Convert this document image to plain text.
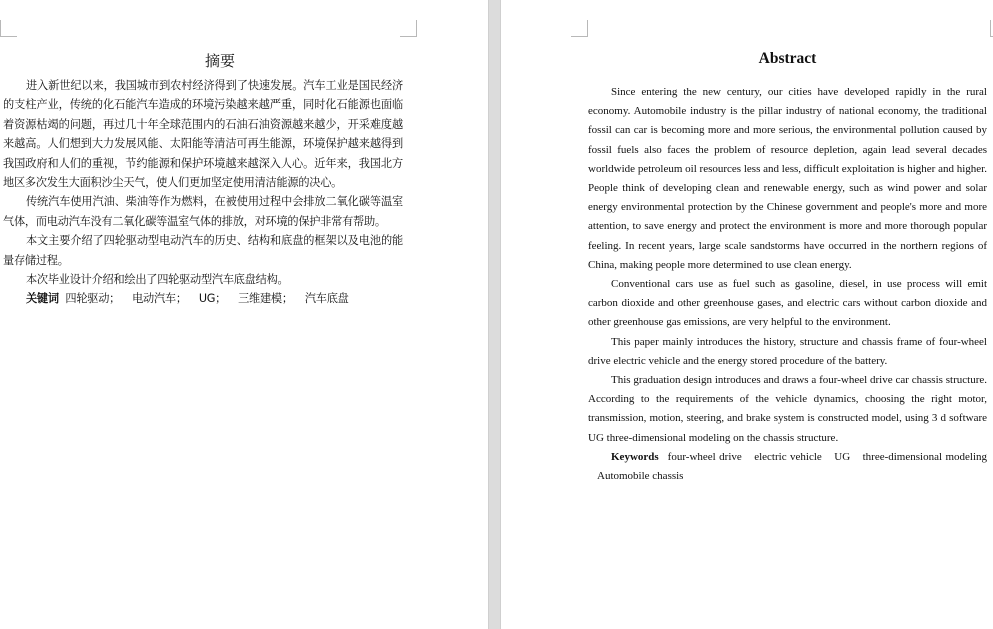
摘要

进入新世纪以来，我国城市到农村经济得到了快速发展。汽车工业是国民经济的支柱产业，传统的化石能汽车造成的环境污染越来越严重，同时化石能源也面临着资源枯竭的问题，再过几十年全球范围内的石油石油资源越来越少，开采难度越来越高。人们想到大力发展风能、太阳能等清洁可再生能源，环境保护越来越得到我国政府和人们的重视，节约能源和保护环境越来越深入人心。近年来，我国北方地区多次发生大面积沙尘天气，使人们更加坚定使用清洁能源的决心。

传统汽车使用汽油、柴油等作为燃料，在被使用过程中会排放二氧化碳等温室气体，而电动汽车没有二氧化碳等温室气体的排放，对环境的保护非常有帮助。

本文主要介绍了四轮驱动型电动汽车的历史、结构和底盘的框架以及电池的能量存储过程。

本次毕业设计介绍和绘出了四轮驱动型汽车底盘结构。

关键词 四轮驱动； 电动汽车； UG； 三维建模； 汽车底盘

Abstract

Since entering the new century, our cities have developed rapidly in the rural economy. Automobile industry is the pillar industry of national economy, the traditional fossil can car is becoming more and more serious, the environmental pollution caused by fossil fuels also faces the problem of resource depletion, again lead several decades worldwide petroleum oil resources less and less, difficult exploitation is higher and higher. People think of developing clean and renewable energy, such as wind power and solar energy environmental protection by the Chinese government and people's more and more attention, to save energy and protect the environment is more and more thorough popular feeling. In recent years, large scale sandstorms have occurred in the northern regions of China, making people more determined to use clean energy.

Conventional cars use as fuel such as gasoline, diesel, in use process will emit carbon dioxide and other greenhouse gases, and electric cars without carbon dioxide and other greenhouse gas emissions, are very helpful to the environment.

This paper mainly introduces the history, structure and chassis frame of four-wheel drive electric vehicle and the energy stored procedure of the battery.

This graduation design introduces and draws a four-wheel drive car chassis structure. According to the requirements of the vehicle dynamics, choosing the right motor, transmission, motion, steering, and brake system is constructed model, using 3 d software UG three-dimensional modeling on the chassis structure.

Keywords four-wheel drive electric vehicle UG three-dimensional modeling Automobile chassis
